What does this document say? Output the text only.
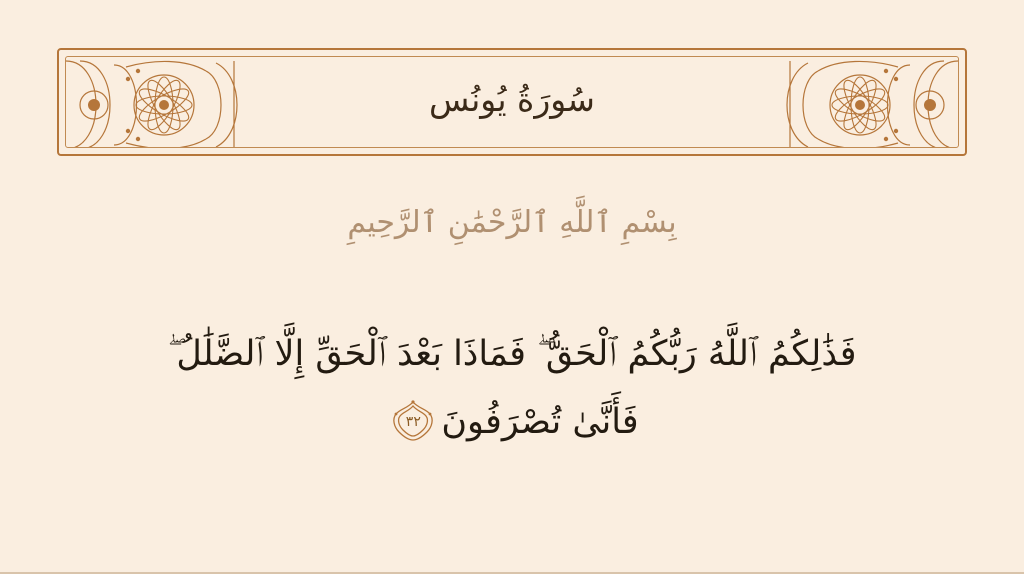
سُورَةُ يُونُس
بِسْمِ ٱللَّهِ ٱلرَّحْمَٰنِ ٱلرَّحِيمِ
فَذَٰلِكُمُ ٱللَّهُ رَبُّكُمُ ٱلْحَقُّ ۖ فَمَاذَا بَعْدَ ٱلْحَقِّ إِلَّا ٱلضَّلَٰلُ ۖ
فَأَنَّىٰ تُصْرَفُونَ
٣٢
